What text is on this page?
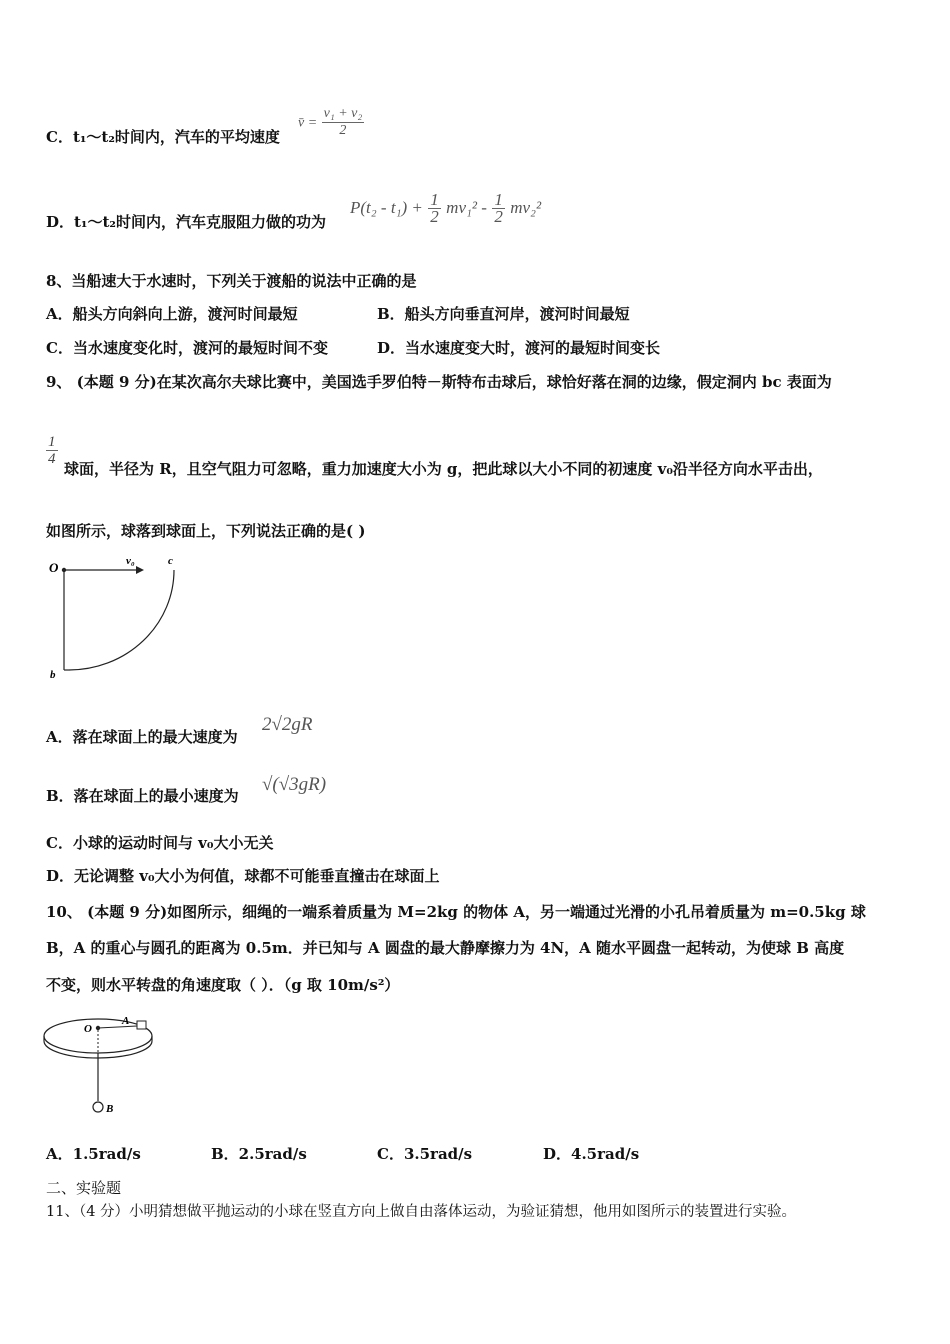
C．t₁～t₂时间内，汽车的平均速度
v̄ = $\frac{\text{v₁ + v₂}}{2}$
D．t₁～t₂时间内，汽车克服阻力做的功为
$P(t_2 - t_1) + \frac{1}{2} mv_1^2 - \frac{1}{2} mv_2^2$
8、当船速大于水速时，下列关于渡船的说法中正确的是
A．船头方向斜向上游，渡河时间最短	B．船头方向垂直河岸，渡河时间最短
C．当水速度变化时，渡河的最短时间不变	D．当水速度变大时，渡河的最短时间变长
9、 (本题 9 分)在某次高尔夫球比赛中，美国选手罗伯特－斯特布击球后，球恰好落在洞的边缘，假定洞内 bc 表面为
$\frac{1}{4}$
球面，半径为 R，且空气阻力可忽略，重力加速度大小为 g，把此球以大小不同的初速度 v₀沿半径方向水平击出，
如图所示，球落到球面上，下列说法正确的是( )
O	v₀	c
b
A．落在球面上的最大速度为
2√2gR
B．落在球面上的最小速度为
√(√3gR)
C．小球的运动时间与 v₀大小无关
D．无论调整 v₀大小为何值，球都不可能垂直撞击在球面上
10、 (本题 9 分)如图所示，细绳的一端系着质量为 M=2kg 的物体 A，另一端通过光滑的小孔吊着质量为 m=0.5kg 球
B，A 的重心与圆孔的距离为 0.5m．并已知与 A 圆盘的最大静摩擦力为 4N，A 随水平圆盘一起转动，为使球 B 高度
不变，则水平转盘的角速度取（ ）．（g 取 10m/s²）
O
A
B
A．1.5rad/s	B．2.5rad/s	C．3.5rad/s	D．4.5rad/s
二、实验题
11、（4 分）小明猜想做平抛运动的小球在竖直方向上做自由落体运动，为验证猜想，他用如图所示的装置进行实验。
